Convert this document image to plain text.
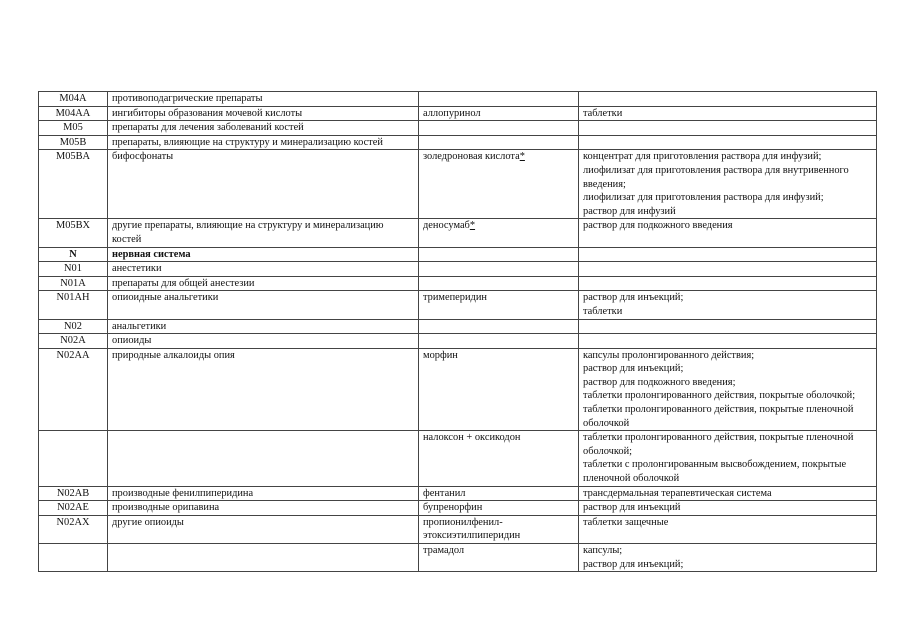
M04A	противоподагрические препараты		
M04AA	ингибиторы образования мочевой кислоты	аллопуринол	таблетки
M05	препараты для лечения заболеваний костей		
M05B	препараты, влияющие на структуру и минерализацию костей		
M05BA	бифосфонаты	золедроновая кислота*	концентрат для приготовления раствора для инфузий;
лиофилизат для приготовления раствора для внутривенного введения;
лиофилизат для приготовления раствора для инфузий;
раствор для инфузий
M05BX	другие препараты, влияющие на структуру и минерализацию костей	деносумаб*	раствор для подкожного введения
N	нервная система		
N01	анестетики		
N01A	препараты для общей анестезии		
N01AH	опиоидные анальгетики	тримеперидин	раствор для инъекций;
таблетки
N02	анальгетики		
N02A	опиоиды		
N02AA	природные алкалоиды опия	морфин	капсулы пролонгированного действия;
раствор для инъекций;
раствор для подкожного введения;
таблетки пролонгированного действия, покрытые оболочкой;
таблетки пролонгированного действия, покрытые пленочной оболочкой
		налоксон + оксикодон	таблетки пролонгированного действия, покрытые пленочной оболочкой;
таблетки с пролонгированным высвобождением, покрытые пленочной оболочкой
N02AB	производные фенилпиперидина	фентанил	трансдермальная терапевтическая система
N02AE	производные орипавина	бупренорфин	раствор для инъекций
N02AX	другие опиоиды	пропионилфенил-этоксиэтилпиперидин	таблетки защечные
		трамадол	капсулы;
раствор для инъекций;
